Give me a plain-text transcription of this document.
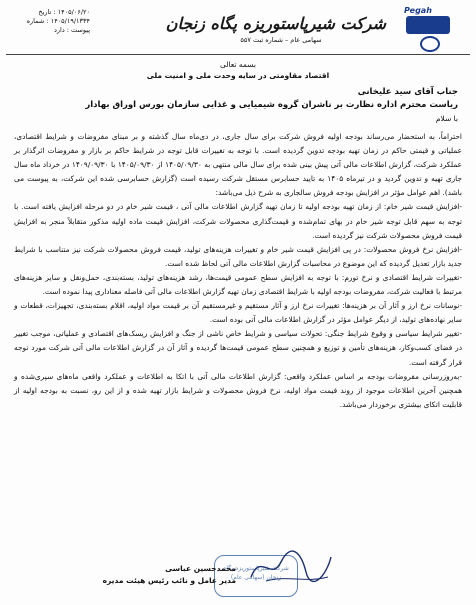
۱۴۰۵/۰۶/۲۰ : تاریخ
۱۴۰۵/۱۹/۱۳۳۴ : شماره
پیوست : دارد	شرکت شیرپاستوریزه پگاه زنجان
سهامی عام – شماره ثبت ۵۵۷
Pegah
بسمه تعالی
اقتصاد مقاومتی در سایه وحدت ملی و امنیت ملی
جناب آقای سید علیخانی
ریاست محترم اداره نظارت بر ناشران گروه شیمیایی و غذایی سازمان بورس اوراق بهادار
با سلام

احتراماً، به استحضار می‌رساند بودجه اولیه فروش شرکت برای سال جاری، در دی‌ماه سال گذشته و بر مبنای مفروضات و شرایط اقتصادی، عملیاتی و قیمتی حاکم در زمان تهیه بودجه تدوین گردیده است. با توجه به تغییرات قابل توجه در شرایط حاکم بر بازار و مفروضات اثرگذار بر عملکرد شرکت، گزارش اطلاعات مالی آتی پیش بینی شده برای سال مالی منتهی به ۱۴۰۵/۰۹/۳۰ از ۱۴۰۵/۰۹/۳۰ با ۱۴۰۹/۰۹/۳۰ در خرداد ماه سال جاری تهیه و تدوین گردید و در تیرماه ۱۴۰۵ به تایید حسابرس مستقل شرکت رسیده است (گزارش حسابرسی شده این شرکت، به پیوست می باشد). اهم عوامل مؤثر در افزایش بودجه فروش سالجاری به شرح ذیل می‌باشد:

-افزایش قیمت شیر خام: از زمان تهیه بودجه اولیه تا زمان تهیه گزارش اطلاعات مالی آتی ، قیمت شیر خام در دو مرحله افزایش یافته است. با توجه به سهم قابل توجه شیر خام در بهای تمام‌شده و قیمت‌گذاری محصولات شرکت، افزایش قیمت ماده اولیه مذکور متقابلاً منجر به افزایش قیمت فروش محصولات شرکت نیز گردیده است.

-افزایش نرخ فروش محصولات: در پی افزایش قیمت شیر خام و تغییرات هزینه‌های تولید، قیمت فروش محصولات شرکت نیز متناسب با شرایط جدید بازار تعدیل گردیده که این موضوع در محاسبات گزارش اطلاعات مالی آتی لحاظ شده است.

-تغییرات شرایط اقتصادی و نرخ تورم: با توجه به افزایش سطح عمومی قیمت‌ها، رشد هزینه‌های تولید، بسته‌بندی، حمل‌ونقل و سایر هزینه‌های مرتبط با فعالیت شرکت، مفروضات بودجه اولیه با شرایط اقتصادی زمان تهیه گزارش اطلاعات مالی آتی فاصله معناداری پیدا نموده است.

-نوسانات نرخ ارز و آثار آن بر هزینه‌ها: تغییرات نرخ ارز و آثار مستقیم و غیرمستقیم آن بر قیمت مواد اولیه، اقلام بسته‌بندی، تجهیزات، قطعات و سایر نهاده‌های تولید، از دیگر عوامل مؤثر در گزارش اطلاعات مالی آتی بوده است.

-تغییر شرایط سیاسی و وقوع شرایط جنگی: تحولات سیاسی و شرایط خاص ناشی از جنگ و افزایش ریسک‌های اقتصادی و عملیاتی، موجب تغییر در فضای کسب‌وکار، هزینه‌های تأمین و توزیع و همچنین سطح عمومی قیمت‌ها گردیده و آثار آن در گزارش اطلاعات مالی آتی شرکت مورد توجه قرار گرفته است.

-به‌روزرسانی مفروضات بودجه بر اساس عملکرد واقعی: گزارش اطلاعات مالی آتی با اتکا به اطلاعات و عملکرد واقعی ماه‌های سپری‌شده و همچنین آخرین اطلاعات موجود از روند قیمت مواد اولیه، نرخ فروش محصولات و شرایط بازار تهیه شده و از این رو، نسبت به بودجه اولیه از قابلیت اتکای بیشتری برخوردار می‌باشد.

شرکت شیرپاستوریزه پگاه زنجان (سهامی عام)
محمدحسین عباسی
مدیر عامل و نائب رئیس هیئت مدیره
